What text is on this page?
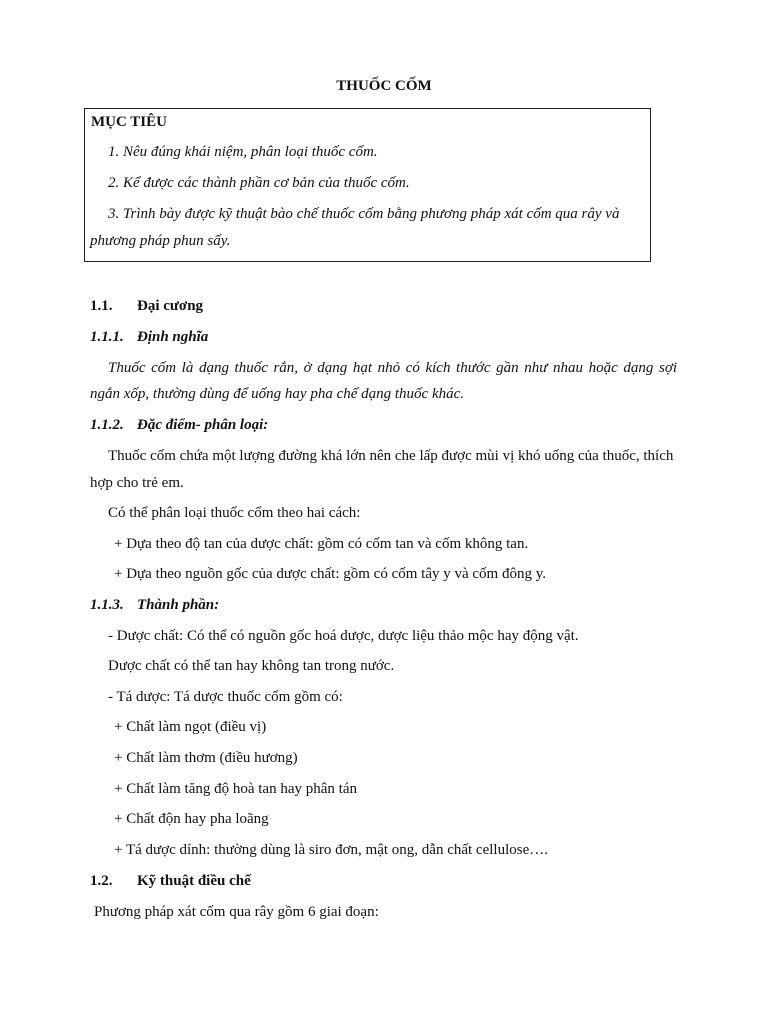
THUỐC CỐM
MỤC TIÊU
1. Nêu đúng khái niệm, phân loại thuốc cốm.
2. Kể được các thành phần cơ bản của thuốc cốm.
3. Trình bày được kỹ thuật bào chế thuốc cốm bằng phương pháp xát cốm qua rây và
phương pháp phun sấy.
1.1. Đại cương
1.1.1. Định nghĩa
Thuốc cốm là dạng thuốc rắn, ở dạng hạt nhỏ có kích thước gần như nhau hoặc dạng sợi ngắn xốp, thường dùng để uống hay pha chế dạng thuốc khác.
1.1.2. Đặc điểm- phân loại:
Thuốc cốm chứa một lượng đường khá lớn nên che lấp được mùi vị khó uống của thuốc, thích
hợp cho trẻ em.
Có thể phân loại thuốc cốm theo hai cách:
+ Dựa theo độ tan của dược chất: gồm có cốm tan và cốm không tan.
+ Dựa theo nguồn gốc của dược chất: gồm có cốm tây y và cốm đông y.
1.1.3. Thành phần:
- Dược chất: Có thể có nguồn gốc hoá dược, dược liệu thảo mộc hay động vật.
Dược chất có thể tan hay không tan trong nước.
- Tá dược: Tá dược thuốc cốm gồm có:
+ Chất làm ngọt (điều vị)
+ Chất làm thơm (điều hương)
+ Chất làm tăng độ hoà tan hay phân tán
+ Chất độn hay pha loãng
+ Tá dược dính: thường dùng là siro đơn, mật ong, dẫn chất cellulose….
1.2. Kỹ thuật điều chế
Phương pháp xát cốm qua rây gồm 6 giai đoạn:
